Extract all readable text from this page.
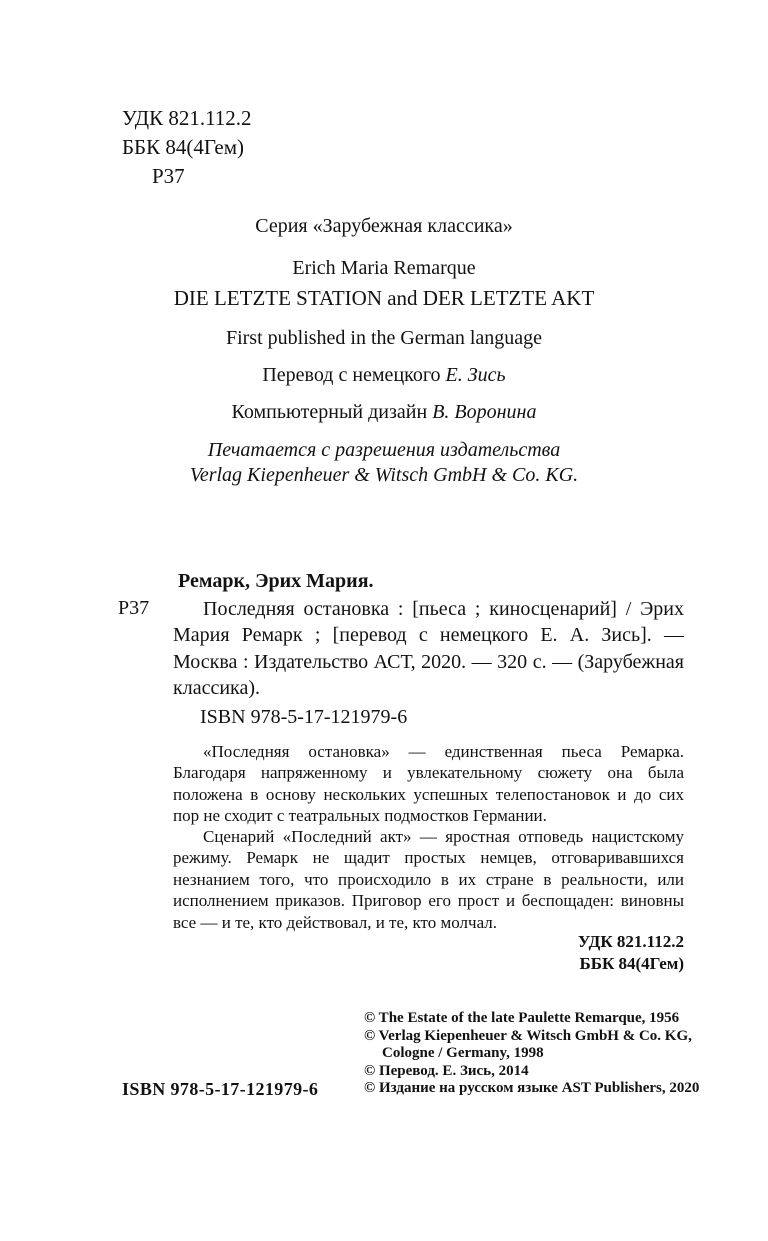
УДК 821.112.2
ББК 84(4Гем)
Р37
Серия «Зарубежная классика»
Erich Maria Remarque
DIE LETZTE STATION and DER LETZTE AKT
First published in the German language
Перевод с немецкого Е. Зись
Компьютерный дизайн В. Воронина
Печатается с разрешения издательства
Verlag Kiepenheuer & Witsch GmbH & Co. KG.
Ремарк, Эрих Мария.
Р37	Последняя остановка : [пьеса ; киносценарий] / Эрих Мария Ремарк ; [перевод с немецкого Е. А. Зись]. — Москва : Издательство АСТ, 2020. — 320 с. — (Зарубежная классика).
ISBN 978-5-17-121979-6
«Последняя остановка» — единственная пьеса Ремарка. Благодаря напряженному и увлекательному сюжету она была положена в основу нескольких успешных телепостановок и до сих пор не сходит с театральных подмостков Германии.
Сценарий «Последний акт» — яростная отповедь нацистскому режиму. Ремарк не щадит простых немцев, отговаривавшихся незнанием того, что происходило в их стране в реальности, или исполнением приказов. Приговор его прост и беспощаден: виновны все — и те, кто действовал, и те, кто молчал.
УДК 821.112.2
ББК 84(4Гем)
© The Estate of the late Paulette Remarque, 1956
© Verlag Kiepenheuer & Witsch GmbH & Co. KG,
Cologne / Germany, 1998
© Перевод. Е. Зись, 2014
© Издание на русском языке AST Publishers, 2020
ISBN 978-5-17-121979-6
